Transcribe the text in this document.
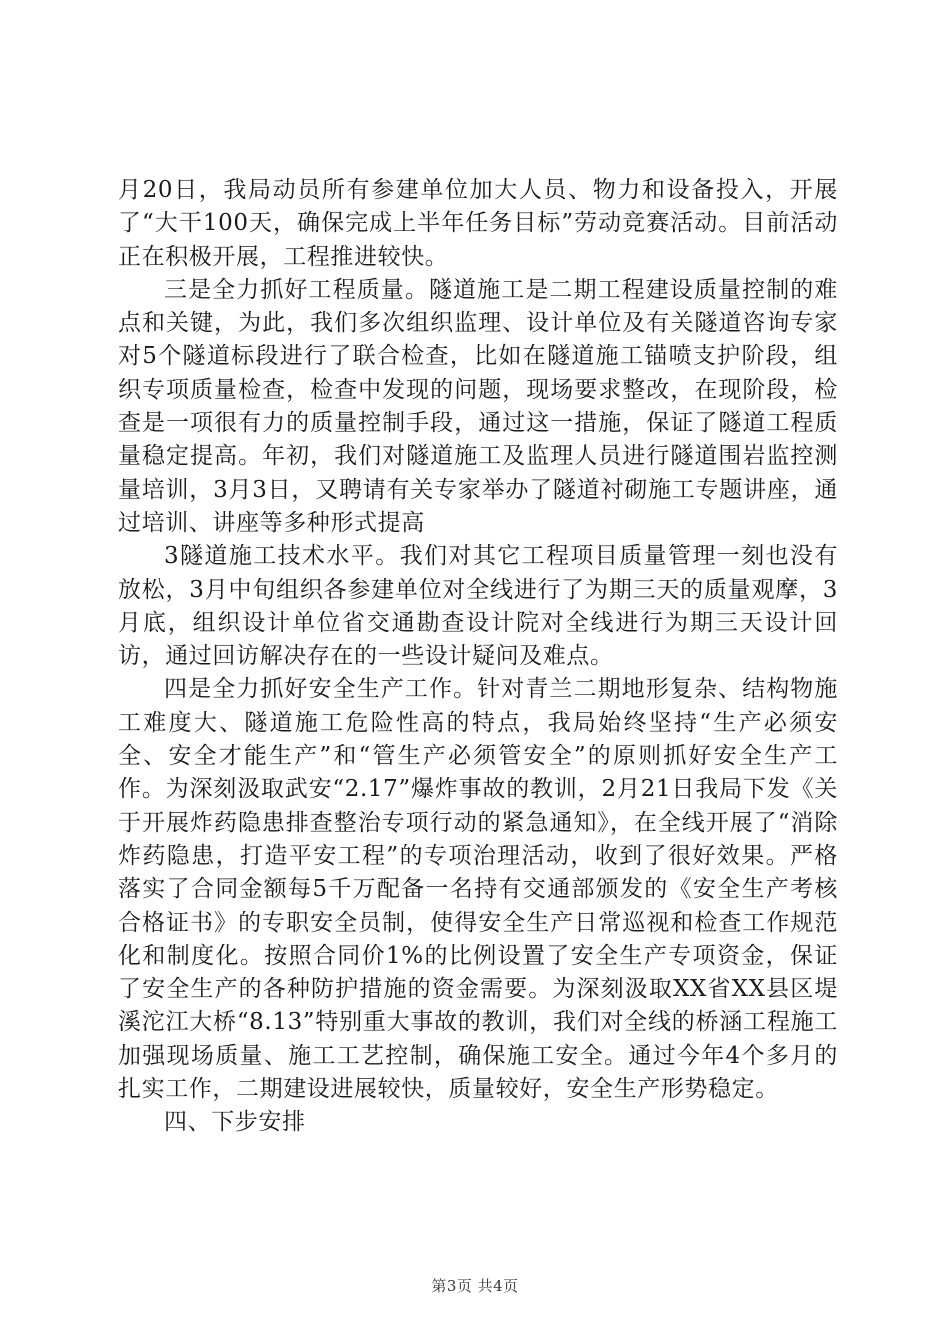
月20日，我局动员所有参建单位加大人员、物力和设备投入，开展了“大干100天，确保完成上半年任务目标”劳动竞赛活动。目前活动正在积极开展，工程推进较快。

三是全力抓好工程质量。隧道施工是二期工程建设质量控制的难点和关键，为此，我们多次组织监理、设计单位及有关隧道咨询专家对5个隧道标段进行了联合检查，比如在隧道施工锚喷支护阶段，组织专项质量检查，检查中发现的问题，现场要求整改，在现阶段，检查是一项很有力的质量控制手段，通过这一措施，保证了隧道工程质量稳定提高。年初，我们对隧道施工及监理人员进行隧道围岩监控测量培训，3月3日，又聘请有关专家举办了隧道衬砌施工专题讲座，通过培训、讲座等多种形式提高

3隧道施工技术水平。我们对其它工程项目质量管理一刻也没有放松，3月中旬组织各参建单位对全线进行了为期三天的质量观摩，3月底，组织设计单位省交通勘查设计院对全线进行为期三天设计回访，通过回访解决存在的一些设计疑问及难点。

四是全力抓好安全生产工作。针对青兰二期地形复杂、结构物施工难度大、隧道施工危险性高的特点，我局始终坚持“生产必须安全、安全才能生产”和“管生产必须管安全”的原则抓好安全生产工作。为深刻汲取武安“2.17”爆炸事故的教训，2月21日我局下发《关于开展炸药隐患排查整治专项行动的紧急通知》，在全线开展了“消除炸药隐患，打造平安工程”的专项治理活动，收到了很好效果。严格落实了合同金额每5千万配备一名持有交通部颁发的《安全生产考核合格证书》的专职安全员制，使得安全生产日常巡视和检查工作规范化和制度化。按照合同价1%的比例设置了安全生产专项资金，保证了安全生产的各种防护措施的资金需要。为深刻汲取XX省XX县区堤溪沱江大桥“8.13”特别重大事故的教训，我们对全线的桥涵工程施工加强现场质量、施工工艺控制，确保施工安全。通过今年4个多月的扎实工作，二期建设进展较快，质量较好，安全生产形势稳定。

四、下步安排

第3页 共4页
